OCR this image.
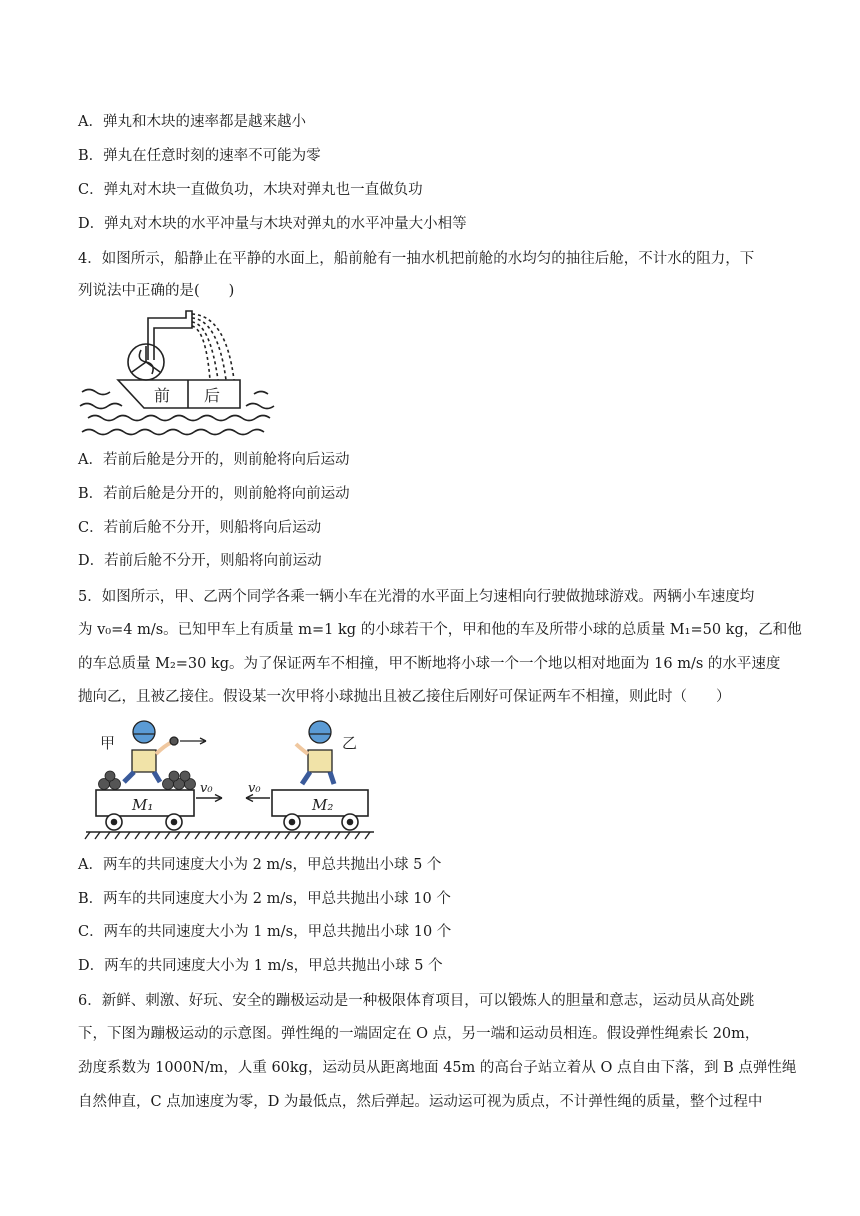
A．弹丸和木块的速率都是越来越小
B．弹丸在任意时刻的速率不可能为零
C．弹丸对木块一直做负功，木块对弹丸也一直做负功
D．弹丸对木块的水平冲量与木块对弹丸的水平冲量大小相等
4．如图所示，船静止在平静的水面上，船前舱有一抽水机把前舱的水均匀的抽往后舱，不计水的阻力，下
列说法中正确的是(　　)
前 后
A．若前后舱是分开的，则前舱将向后运动
B．若前后舱是分开的，则前舱将向前运动
C．若前后舱不分开，则船将向后运动
D．若前后舱不分开，则船将向前运动
5．如图所示，甲、乙两个同学各乘一辆小车在光滑的水平面上匀速相向行驶做抛球游戏。两辆小车速度均
为 v₀=4 m/s。已知甲车上有质量 m=1 kg 的小球若干个，甲和他的车及所带小球的总质量 M₁=50 kg，乙和他
的车总质量 M₂=30 kg。为了保证两车不相撞，甲不断地将小球一个一个地以相对地面为 16 m/s 的水平速度
抛向乙，且被乙接住。假设某一次甲将小球抛出且被乙接住后刚好可保证两车不相撞，则此时（　　）
甲	乙
v₀	v₀
M₁	M₂
A．两车的共同速度大小为 2 m/s，甲总共抛出小球 5 个
B．两车的共同速度大小为 2 m/s，甲总共抛出小球 10 个
C．两车的共同速度大小为 1 m/s，甲总共抛出小球 10 个
D．两车的共同速度大小为 1 m/s，甲总共抛出小球 5 个
6．新鲜、刺激、好玩、安全的蹦极运动是一种极限体育项目，可以锻炼人的胆量和意志，运动员从高处跳
下，下图为蹦极运动的示意图。弹性绳的一端固定在 O 点，另一端和运动员相连。假设弹性绳索长 20m，
劲度系数为 1000N/m，人重 60kg，运动员从距离地面 45m 的高台子站立着从 O 点自由下落，到 B 点弹性绳
自然伸直，C 点加速度为零，D 为最低点，然后弹起。运动运可视为质点，不计弹性绳的质量，整个过程中
